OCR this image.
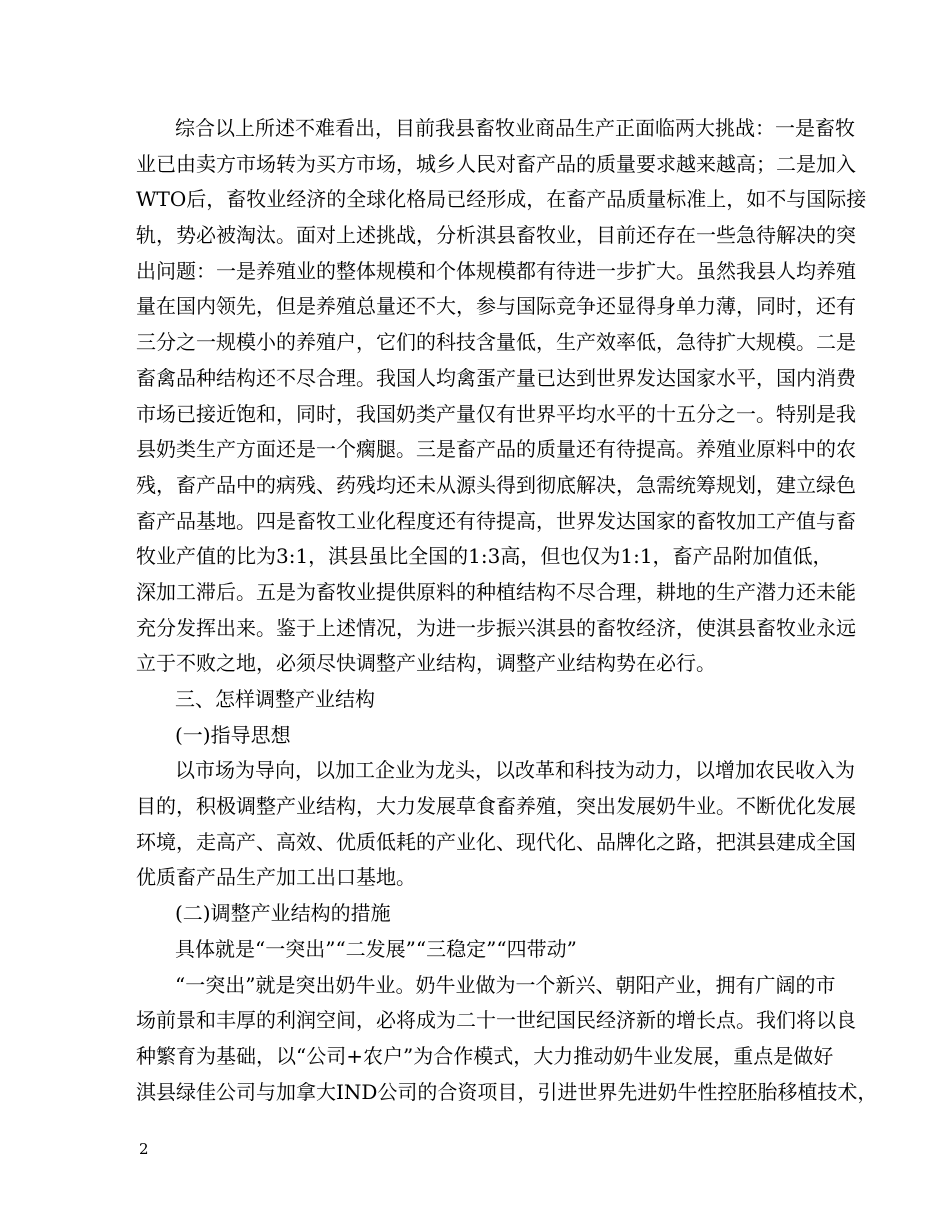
综合以上所述不难看出，目前我县畜牧业商品生产正面临两大挑战：一是畜牧
业已由卖方市场转为买方市场，城乡人民对畜产品的质量要求越来越高；二是加入
WTO后，畜牧业经济的全球化格局已经形成，在畜产品质量标准上，如不与国际接
轨，势必被淘汰。面对上述挑战，分析淇县畜牧业，目前还存在一些急待解决的突
出问题：一是养殖业的整体规模和个体规模都有待进一步扩大。虽然我县人均养殖
量在国内领先，但是养殖总量还不大，参与国际竞争还显得身单力薄，同时，还有
三分之一规模小的养殖户，它们的科技含量低，生产效率低，急待扩大规模。二是
畜禽品种结构还不尽合理。我国人均禽蛋产量已达到世界发达国家水平，国内消费
市场已接近饱和，同时，我国奶类产量仅有世界平均水平的十五分之一。特别是我
县奶类生产方面还是一个瘸腿。三是畜产品的质量还有待提高。养殖业原料中的农
残，畜产品中的病残、药残均还未从源头得到彻底解决，急需统筹规划，建立绿色
畜产品基地。四是畜牧工业化程度还有待提高，世界发达国家的畜牧加工产值与畜
牧业产值的比为3:1，淇县虽比全国的1:3高，但也仅为1:1，畜产品附加值低，
深加工滞后。五是为畜牧业提供原料的种植结构不尽合理，耕地的生产潜力还未能
充分发挥出来。鉴于上述情况，为进一步振兴淇县的畜牧经济，使淇县畜牧业永远
立于不败之地，必须尽快调整产业结构，调整产业结构势在必行。
三、怎样调整产业结构
(一)指导思想
以市场为导向，以加工企业为龙头，以改革和科技为动力，以增加农民收入为
目的，积极调整产业结构，大力发展草食畜养殖，突出发展奶牛业。不断优化发展
环境，走高产、高效、优质低耗的产业化、现代化、品牌化之路，把淇县建成全国
优质畜产品生产加工出口基地。
(二)调整产业结构的措施
具体就是“一突出”“二发展”“三稳定”“四带动”
“一突出”就是突出奶牛业。奶牛业做为一个新兴、朝阳产业，拥有广阔的市
场前景和丰厚的利润空间，必将成为二十一世纪国民经济新的增长点。我们将以良
种繁育为基础，以“公司+农户”为合作模式，大力推动奶牛业发展，重点是做好
淇县绿佳公司与加拿大IND公司的合资项目，引进世界先进奶牛性控胚胎移植技术，
2
